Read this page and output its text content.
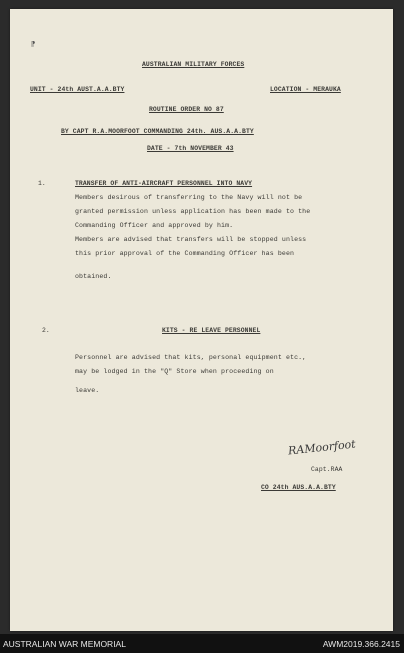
⁋
AUSTRALIAN MILITARY FORCES
UNIT - 24th AUST.A.A.BTY	LOCATION - MERAUKA
ROUTINE ORDER NO 87
BY CAPT R.A.MOORFOOT COMMANDING 24th. AUS.A.A.BTY
DATE - 7th NOVEMBER 43
1.	TRANSFER OF ANTI-AIRCRAFT PERSONNEL INTO NAVY
Members desirous of transferring to the Navy will not be
granted permission unless application has been made to the
Commanding Officer and approved by him.
Members are advised that transfers will be stopped unless
this prior approval of the Commanding Officer has been
obtained.
2.	KITS - RE LEAVE PERSONNEL
Personnel are advised that kits, personal equipment etc.,
may be lodged in the "Q" Store when proceeding on
leave.
RAMoorfoot
Capt.RAA
CO 24th AUS.A.A.BTY
AUSTRALIAN WAR MEMORIAL	AWM2019.366.2415
